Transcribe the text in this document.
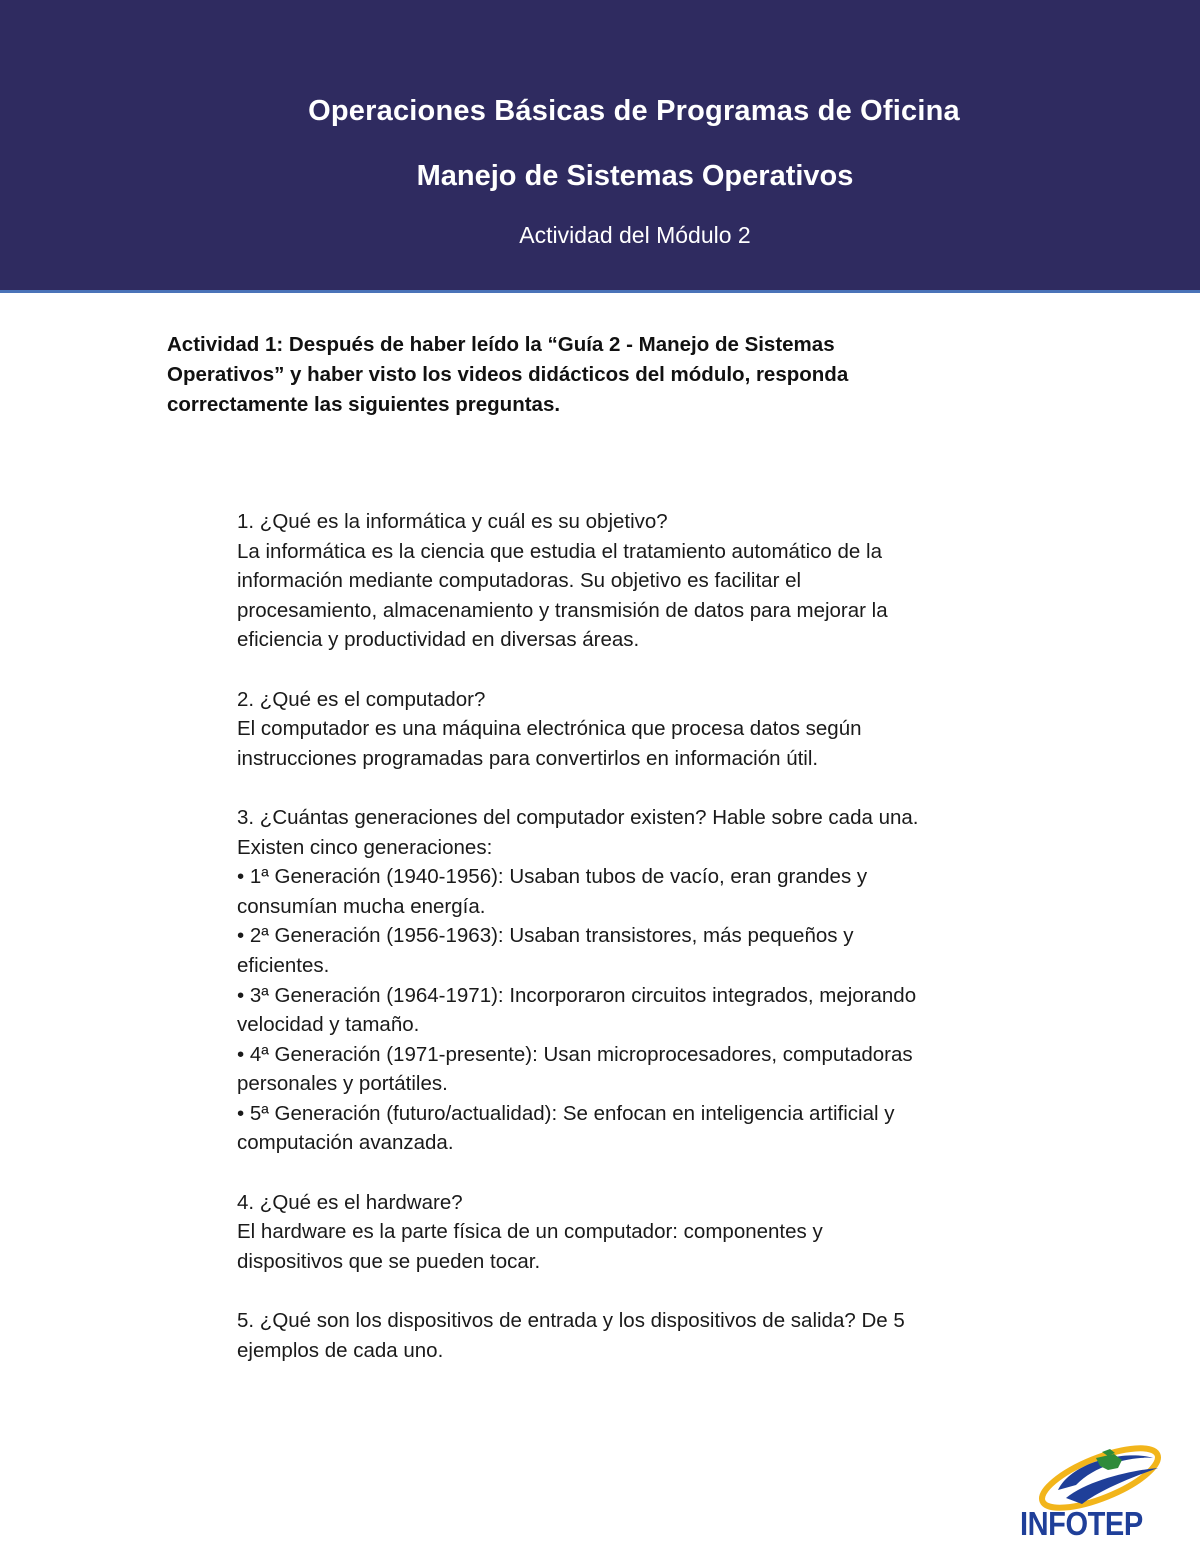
Operaciones Básicas de Programas de Oficina
Manejo de Sistemas Operativos

Actividad del Módulo 2

Actividad 1: Después de haber leído la “Guía 2 - Manejo de Sistemas
Operativos” y haber visto los videos didácticos del módulo, responda
correctamente las siguientes preguntas.

1. ¿Qué es la informática y cuál es su objetivo?

La informática es la ciencia que estudia el tratamiento automático de la

información mediante computadoras. Su objetivo es facilitar el

procesamiento, almacenamiento y transmisión de datos para mejorar la

eficiencia y productividad en diversas áreas.

2. ¿Qué es el computador?

El computador es una máquina electrónica que procesa datos según

instrucciones programadas para convertirlos en información útil.

3. ¿Cuántas generaciones del computador existen? Hable sobre cada una.

Existen cinco generaciones:

• 1ª Generación (1940-1956): Usaban tubos de vacío, eran grandes y

consumían mucha energía.

• 2ª Generación (1956-1963): Usaban transistores, más pequeños y

eficientes.

• 3ª Generación (1964-1971): Incorporaron circuitos integrados, mejorando

velocidad y tamaño.

• 4ª Generación (1971-presente): Usan microprocesadores, computadoras

personales y portátiles.

• 5ª Generación (futuro/actualidad): Se enfocan en inteligencia artificial y

computación avanzada.

4. ¿Qué es el hardware?

El hardware es la parte física de un computador: componentes y

dispositivos que se pueden tocar.

5. ¿Qué son los dispositivos de entrada y los dispositivos de salida? De 5

ejemplos de cada uno.

INFOTEP
